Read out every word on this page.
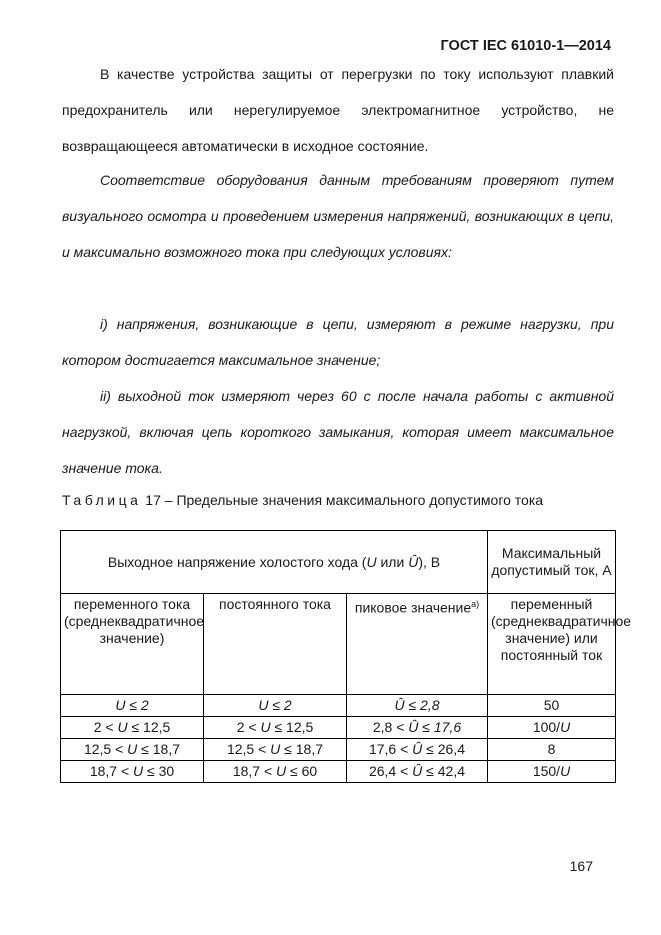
ГОСТ IEC 61010-1—2014

В качестве устройства защиты от перегрузки по току используют плавкий предохранитель или нерегулируемое электромагнитное устройство, не возвращающееся автоматически в исходное состояние.

Соответствие оборудования данным требованиям проверяют путем визуального осмотра и проведением измерения напряжений, возникающих в цепи, и максимально возможного тока при следующих условиях:

i) напряжения, возникающие в цепи, измеряют в режиме нагрузки, при котором достигается максимальное значение;

ii) выходной ток измеряют через 60 с после начала работы с активной нагрузкой, включая цепь короткого замыкания, которая имеет максимальное значение тока.

Таблица 17 – Предельные значения максимального допустимого тока
Выходное напряжение холостого хода (U или Û), В			Максимальный допустимый ток, А
переменного тока (среднеквадратичное значение)	постоянного тока	пиковое значение$^{а)}$	переменный (среднеквадратичное значение) или постоянный ток
U ≤ 2	U ≤ 2	Û ≤ 2,8	50
2 < U ≤ 12,5	2 < U ≤ 12,5	2,8 < Û ≤ 17,6	100/U
12,5 < U ≤ 18,7	12,5 < U ≤ 18,7	17,6 < Û ≤ 26,4	8
18,7 < U ≤ 30	18,7 < U ≤ 60	26,4 < Û ≤ 42,4	150/U
167
